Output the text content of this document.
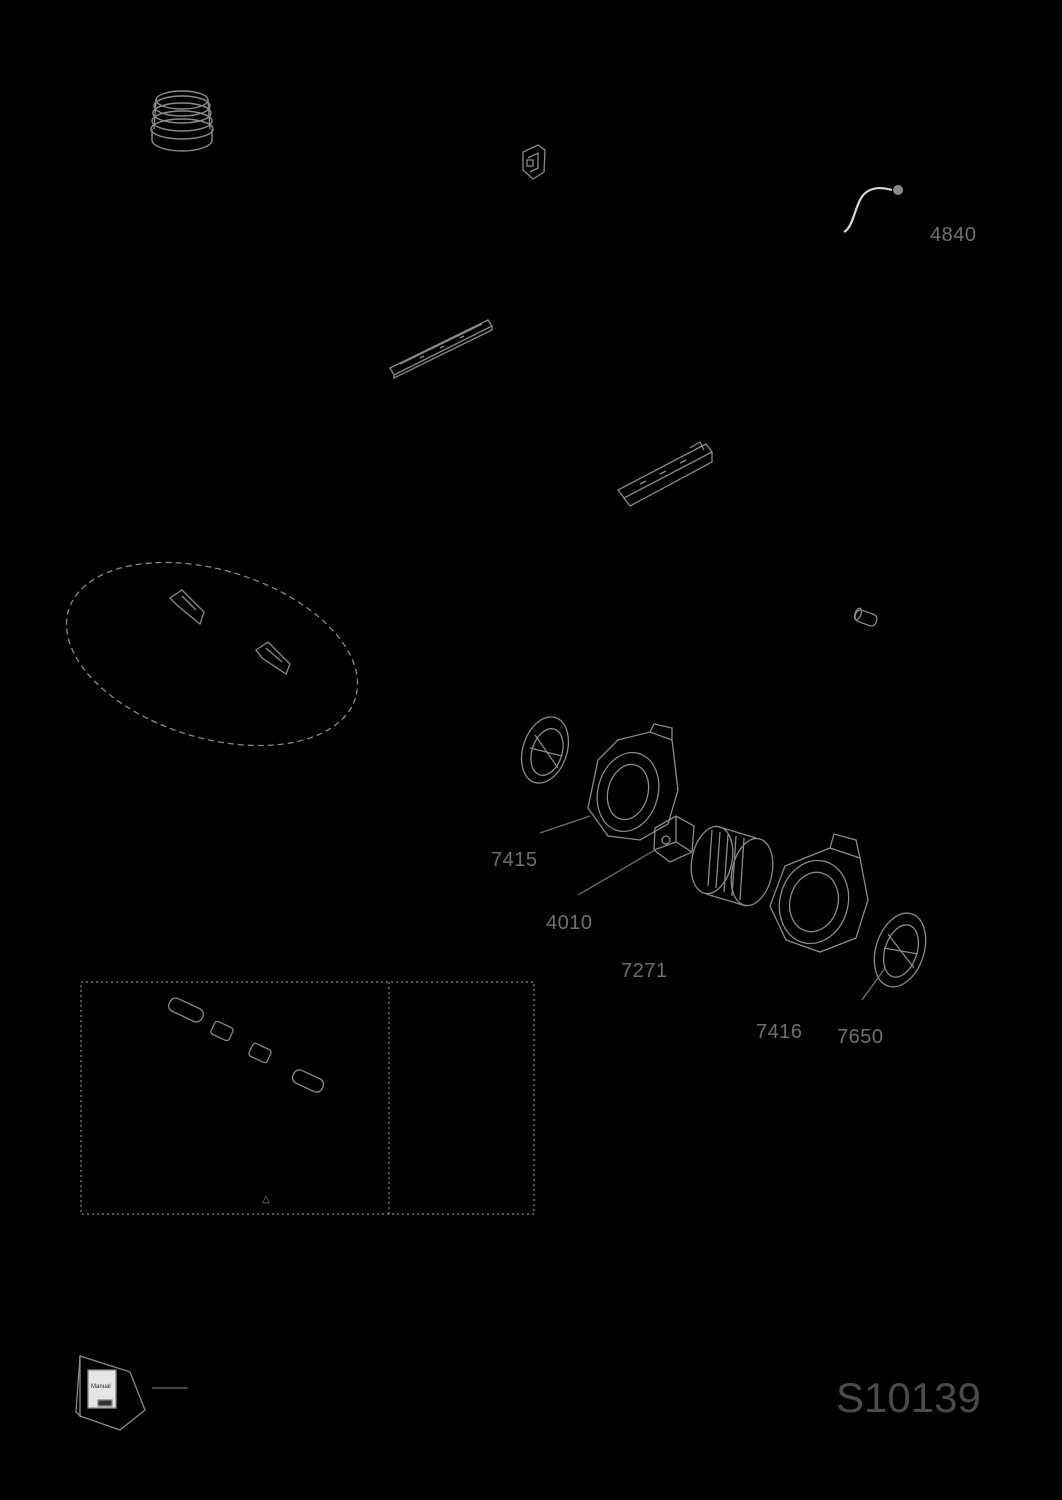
△
4840
7415
4010
7271
7416 7650
Manual	S10139
